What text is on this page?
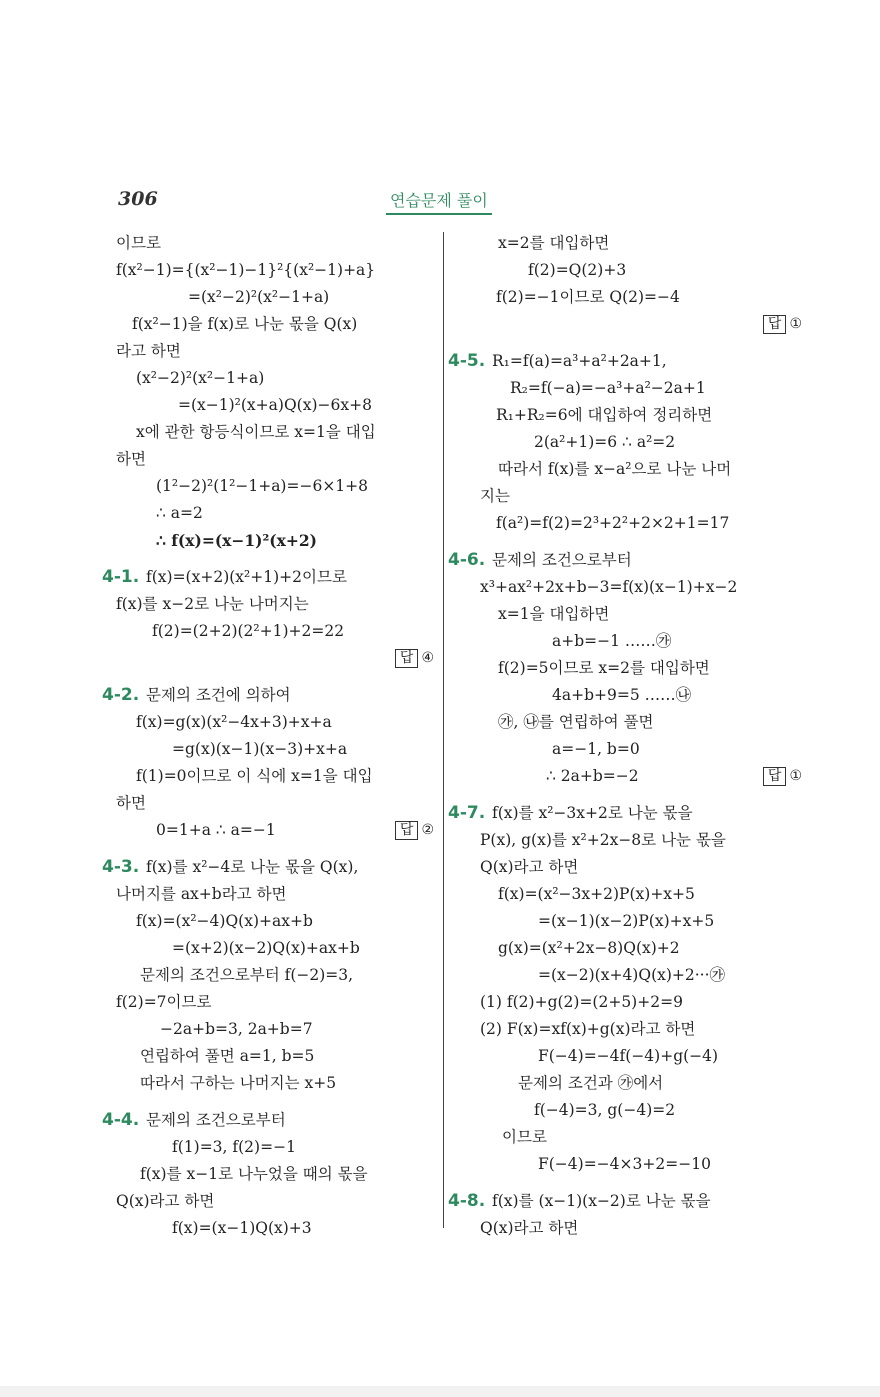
306	연습문제 풀이
이므로
f(x²−1)={(x²−1)−1}²{(x²−1)+a}
=(x²−2)²(x²−1+a)
f(x²−1)을 f(x)로 나눈 몫을 Q(x)
라고 하면
(x²−2)²(x²−1+a)
=(x−1)²(x+a)Q(x)−6x+8
x에 관한 항등식이므로 x=1을 대입
하면
(1²−2)²(1²−1+a)=−6×1+8
∴ a=2
∴ f(x)=(x−1)²(x+2)
4-1. f(x)=(x+2)(x²+1)+2이므로
f(x)를 x−2로 나눈 나머지는
f(2)=(2+2)(2²+1)+2=22
답 ④
4-2. 문제의 조건에 의하여
f(x)=g(x)(x²−4x+3)+x+a
=g(x)(x−1)(x−3)+x+a
f(1)=0이므로 이 식에 x=1을 대입
하면
0=1+a ∴ a=−1	답 ②
4-3. f(x)를 x²−4로 나눈 몫을 Q(x),
나머지를 ax+b라고 하면
f(x)=(x²−4)Q(x)+ax+b
=(x+2)(x−2)Q(x)+ax+b
문제의 조건으로부터 f(−2)=3,
f(2)=7이므로
−2a+b=3, 2a+b=7
연립하여 풀면 a=1, b=5
따라서 구하는 나머지는 x+5
4-4. 문제의 조건으로부터
f(1)=3, f(2)=−1
f(x)를 x−1로 나누었을 때의 몫을
Q(x)라고 하면
f(x)=(x−1)Q(x)+3
x=2를 대입하면
f(2)=Q(2)+3
f(2)=−1이므로 Q(2)=−4
답 ①
4-5. R₁=f(a)=a³+a²+2a+1,
R₂=f(−a)=−a³+a²−2a+1
R₁+R₂=6에 대입하여 정리하면
2(a²+1)=6 ∴ a²=2
따라서 f(x)를 x−a²으로 나눈 나머
지는
f(a²)=f(2)=2³+2²+2×2+1=17
4-6. 문제의 조건으로부터
x³+ax²+2x+b−3=f(x)(x−1)+x−2
x=1을 대입하면
a+b=−1 ……㉮
f(2)=5이므로 x=2를 대입하면
4a+b+9=5 ……㉯
㉮, ㉯를 연립하여 풀면
a=−1, b=0
∴ 2a+b=−2	답 ①
4-7. f(x)를 x²−3x+2로 나눈 몫을
P(x), g(x)를 x²+2x−8로 나눈 몫을
Q(x)라고 하면
f(x)=(x²−3x+2)P(x)+x+5
=(x−1)(x−2)P(x)+x+5
g(x)=(x²+2x−8)Q(x)+2
=(x−2)(x+4)Q(x)+2···㉮
(1) f(2)+g(2)=(2+5)+2=9
(2) F(x)=xf(x)+g(x)라고 하면
F(−4)=−4f(−4)+g(−4)
문제의 조건과 ㉮에서
f(−4)=3, g(−4)=2
이므로
F(−4)=−4×3+2=−10
4-8. f(x)를 (x−1)(x−2)로 나눈 몫을
Q(x)라고 하면
